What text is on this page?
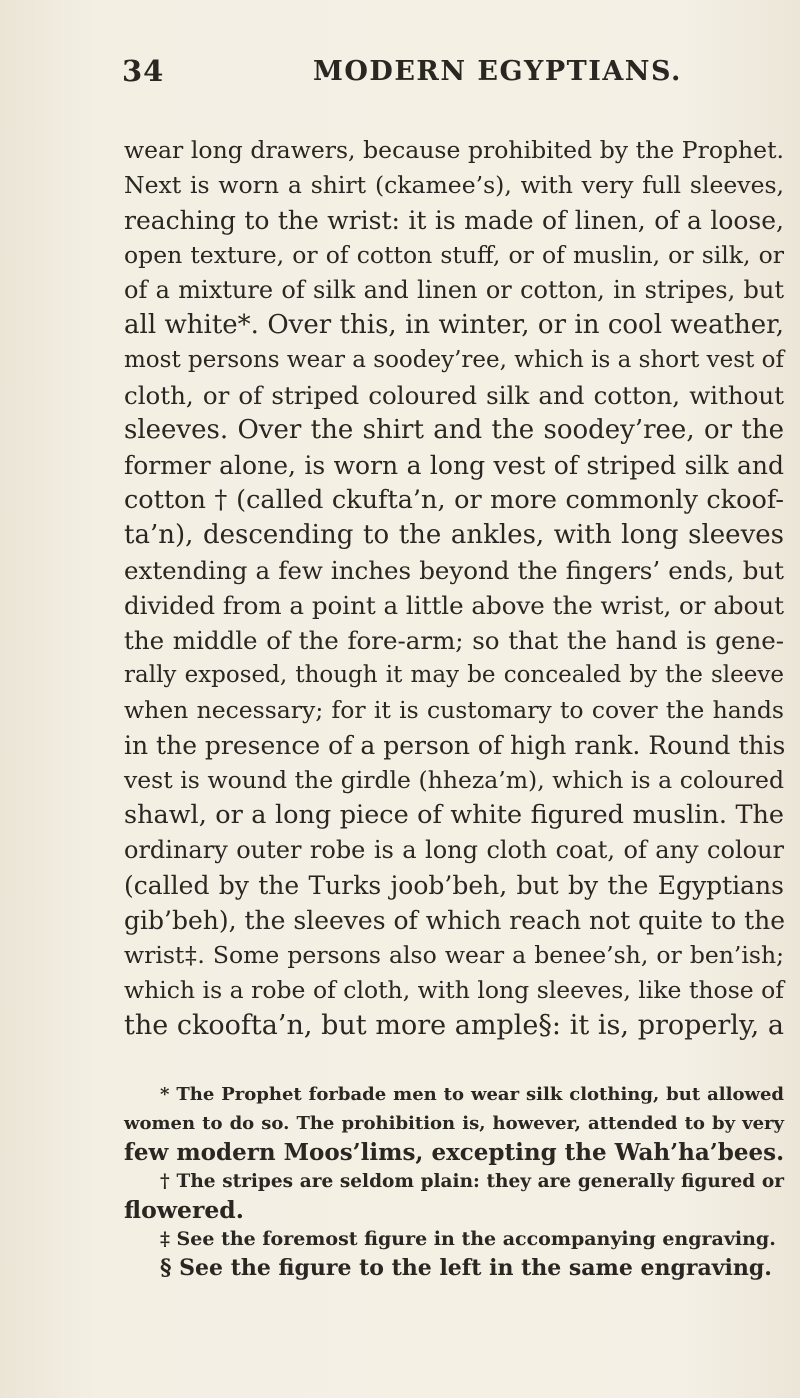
34	MODERN EGYPTIANS.
wear long drawers, because prohibited by the Prophet.
Next is worn a shirt (ckamee’s), with very full sleeves,
reaching to the wrist: it is made of linen, of a loose,
open texture, or of cotton stuff, or of muslin, or silk, or
of a mixture of silk and linen or cotton, in stripes, but
all white*. Over this, in winter, or in cool weather,
most persons wear a soodey’ree, which is a short vest of
cloth, or of striped coloured silk and cotton, without
sleeves. Over the shirt and the soodey’ree, or the
former alone, is worn a long vest of striped silk and
cotton † (called ckufta’n, or more commonly ckoof-
ta’n), descending to the ankles, with long sleeves
extending a few inches beyond the fingers’ ends, but
divided from a point a little above the wrist, or about
the middle of the fore-arm; so that the hand is gene-
rally exposed, though it may be concealed by the sleeve
when necessary; for it is customary to cover the hands
in the presence of a person of high rank. Round this
vest is wound the girdle (hheza’m), which is a coloured
shawl, or a long piece of white figured muslin. The
ordinary outer robe is a long cloth coat, of any colour
(called by the Turks joob’beh, but by the Egyptians
gib’beh), the sleeves of which reach not quite to the
wrist‡. Some persons also wear a benee’sh, or ben’ish;
which is a robe of cloth, with long sleeves, like those of
the ckoofta’n, but more ample§: it is, properly, a
* The Prophet forbade men to wear silk clothing, but allowed
women to do so. The prohibition is, however, attended to by very
few modern Moos’lims, excepting the Wah’ha’bees.
† The stripes are seldom plain: they are generally figured or
flowered.
‡ See the foremost figure in the accompanying engraving.
§ See the figure to the left in the same engraving.
